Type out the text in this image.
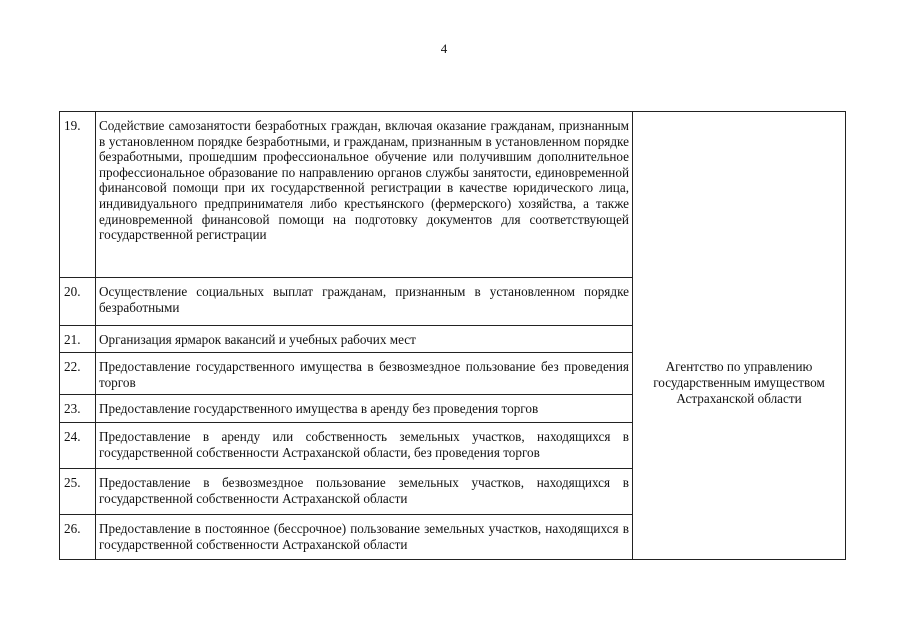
4
19.	Содействие самозанятости безработных граждан, включая оказание гражданам, признанным в установленном порядке безработными, и гражданам, признанным в установленном порядке безработными, прошедшим профессиональное обучение или получившим дополнительное профессиональное образование по направлению органов службы занятости, единовременной финансовой помощи при их государственной регистрации в качестве юридического лица, индивидуального предпринимателя либо крестьянского (фермерского) хозяйства, а также единовременной финансовой помощи на подготовку документов для соответствующей государственной регистрации	
20.	Осуществление социальных выплат гражданам, признанным в установленном порядке безработными	
21.	Организация ярмарок вакансий и учебных рабочих мест	
22.	Предоставление государственного имущества в безвозмездное пользование без проведения торгов	Агентство по управлению государственным имуществом Астраханской области
23.	Предоставление государственного имущества в аренду без проведения торгов	
24.	Предоставление в аренду или собственность земельных участков, находящихся в государственной собственности Астраханской области, без проведения торгов	
25.	Предоставление в безвозмездное пользование земельных участков, находящихся в государственной собственности Астраханской области	
26.	Предоставление в постоянное (бессрочное) пользование земельных участков, находящихся в государственной собственности Астраханской области	
